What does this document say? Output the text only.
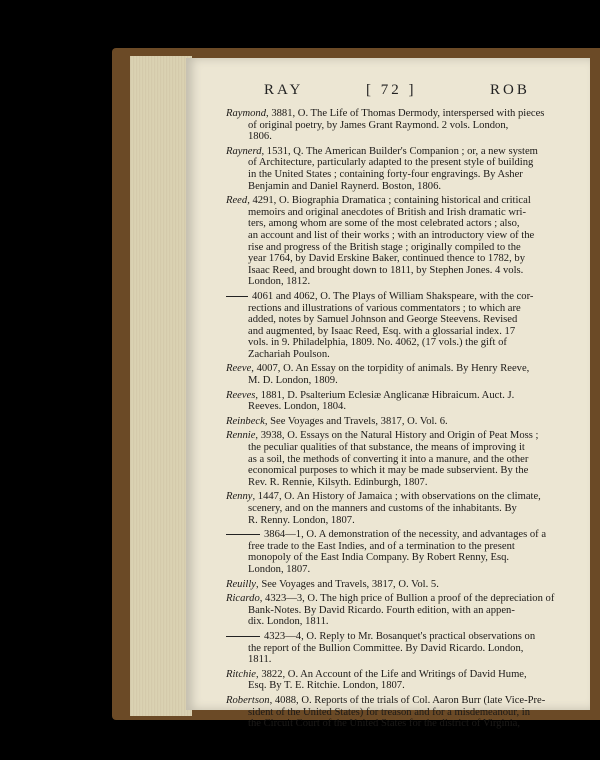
RAY	[ 72 ]	ROB
Raymond, 3881, O. The Life of Thomas Dermody, interspersed with pieces
of original poetry, by James Grant Raymond. 2 vols. London,
1806.
Raynerd, 1531, Q. The American Builder's Companion ; or, a new system
of Architecture, particularly adapted to the present style of building
in the United States ; containing forty-four engravings. By Asher
Benjamin and Daniel Raynerd. Boston, 1806.
Reed, 4291, O. Biographia Dramatica ; containing historical and critical
memoirs and original anecdotes of British and Irish dramatic wri-
ters, among whom are some of the most celebrated actors ; also,
an account and list of their works ; with an introductory view of the
rise and progress of the British stage ; originally compiled to the
year 1764, by David Erskine Baker, continued thence to 1782, by
Isaac Reed, and brought down to 1811, by Stephen Jones. 4 vols.
London, 1812.
4061 and 4062, O. The Plays of William Shakspeare, with the cor-
rections and illustrations of various commentators ; to which are
added, notes by Samuel Johnson and George Steevens. Revised
and augmented, by Isaac Reed, Esq. with a glossarial index. 17
vols. in 9. Philadelphia, 1809. No. 4062, (17 vols.) the gift of
Zachariah Poulson.
Reeve, 4007, O. An Essay on the torpidity of animals. By Henry Reeve,
M. D. London, 1809.
Reeves, 1881, D. Psalterium Eclesiæ Anglicanæ Hibraicum. Auct. J.
Reeves. London, 1804.
Reinbeck, See Voyages and Travels, 3817, O. Vol. 6.
Rennie, 3938, O. Essays on the Natural History and Origin of Peat Moss ;
the peculiar qualities of that substance, the means of improving it
as a soil, the methods of converting it into a manure, and the other
economical purposes to which it may be made subservient. By the
Rev. R. Rennie, Kilsyth. Edinburgh, 1807.
Renny, 1447, O. An History of Jamaica ; with observations on the climate,
scenery, and on the manners and customs of the inhabitants. By
R. Renny. London, 1807.
3864—1, O. A demonstration of the necessity, and advantages of a
free trade to the East Indies, and of a termination to the present
monopoly of the East India Company. By Robert Renny, Esq.
London, 1807.
Reuilly, See Voyages and Travels, 3817, O. Vol. 5.
Ricardo, 4323—3, O. The high price of Bullion a proof of the depreciation of
Bank-Notes. By David Ricardo. Fourth edition, with an appen-
dix. London, 1811.
4323—4, O. Reply to Mr. Bosanquet's practical observations on
the report of the Bullion Committee. By David Ricardo. London,
1811.
Ritchie, 3822, O. An Account of the Life and Writings of David Hume,
Esq. By T. E. Ritchie. London, 1807.
Robertson, 4088, O. Reports of the trials of Col. Aaron Burr (late Vice-Pre-
sident of the United States) for treason and for a misdemeanour, in
the Circuit Court of the United States for the district of Virginia,
